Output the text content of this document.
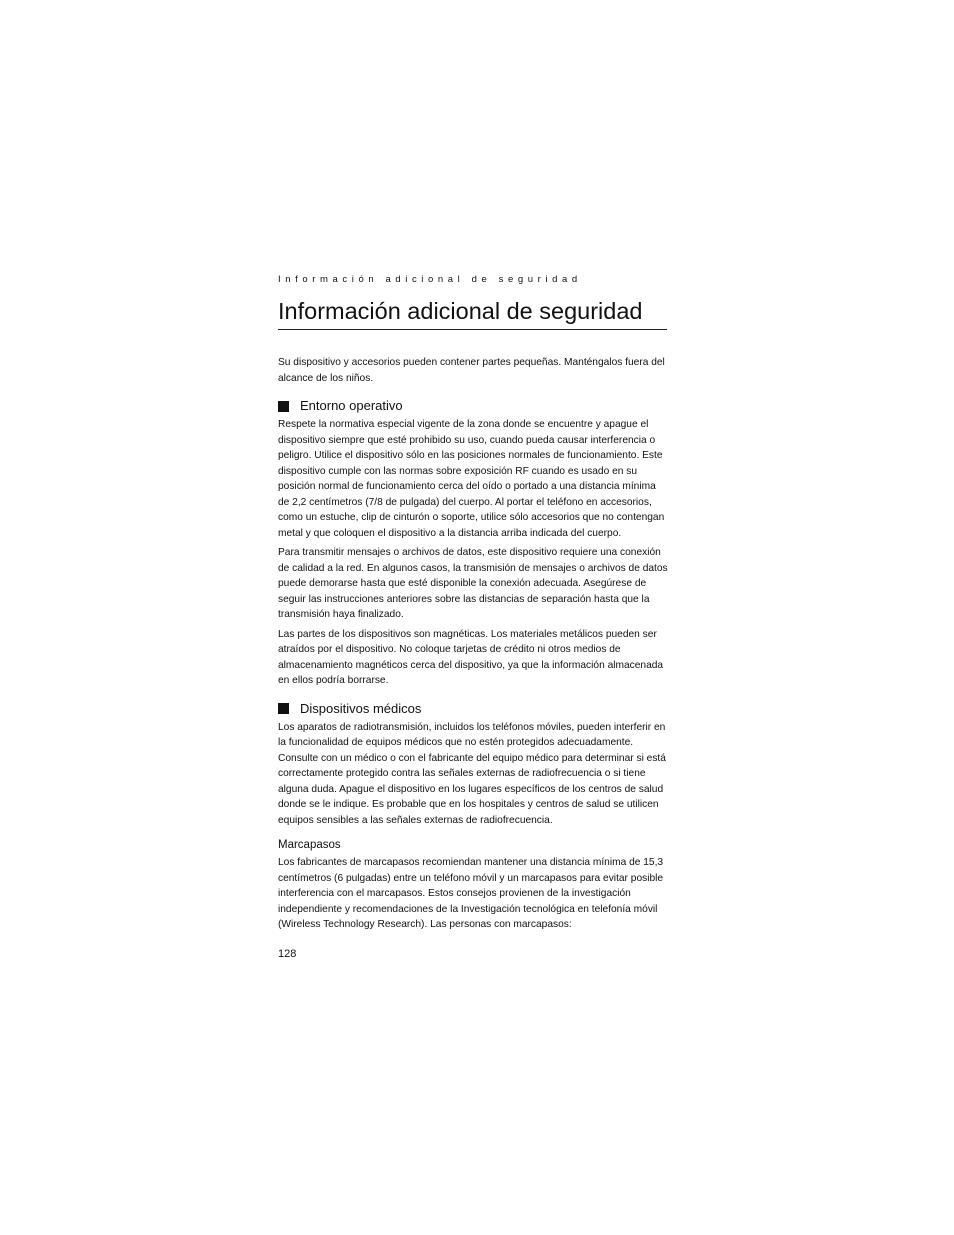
Información adicional de seguridad
Información adicional de seguridad

Su dispositivo y accesorios pueden contener partes pequeñas. Manténgalos fuera del alcance de los niños.

Entorno operativo

Respete la normativa especial vigente de la zona donde se encuentre y apague el dispositivo siempre que esté prohibido su uso, cuando pueda causar interferencia o peligro. Utilice el dispositivo sólo en las posiciones normales de funcionamiento. Este dispositivo cumple con las normas sobre exposición RF cuando es usado en su posición normal de funcionamiento cerca del oído o portado a una distancia mínima de 2,2 centímetros (7/8 de pulgada) del cuerpo. Al portar el teléfono en accesorios, como un estuche, clip de cinturón o soporte, utilice sólo accesorios que no contengan metal y que coloquen el dispositivo a la distancia arriba indicada del cuerpo.

Para transmitir mensajes o archivos de datos, este dispositivo requiere una conexión de calidad a la red. En algunos casos, la transmisión de mensajes o archivos de datos puede demorarse hasta que esté disponible la conexión adecuada. Asegúrese de seguir las instrucciones anteriores sobre las distancias de separación hasta que la transmisión haya finalizado.

Las partes de los dispositivos son magnéticas. Los materiales metálicos pueden ser atraídos por el dispositivo. No coloque tarjetas de crédito ni otros medios de almacenamiento magnéticos cerca del dispositivo, ya que la información almacenada en ellos podría borrarse.

Dispositivos médicos

Los aparatos de radiotransmisión, incluidos los teléfonos móviles, pueden interferir en la funcionalidad de equipos médicos que no estén protegidos adecuadamente. Consulte con un médico o con el fabricante del equipo médico para determinar si está correctamente protegido contra las señales externas de radiofrecuencia o si tiene alguna duda. Apague el dispositivo en los lugares específicos de los centros de salud donde se le indique. Es probable que en los hospitales y centros de salud se utilicen equipos sensibles a las señales externas de radiofrecuencia.

Marcapasos

Los fabricantes de marcapasos recomiendan mantener una distancia mínima de 15,3 centímetros (6 pulgadas) entre un teléfono móvil y un marcapasos para evitar posible interferencia con el marcapasos. Estos consejos provienen de la investigación independiente y recomendaciones de la Investigación tecnológica en telefonía móvil (Wireless Technology Research). Las personas con marcapasos:

128
